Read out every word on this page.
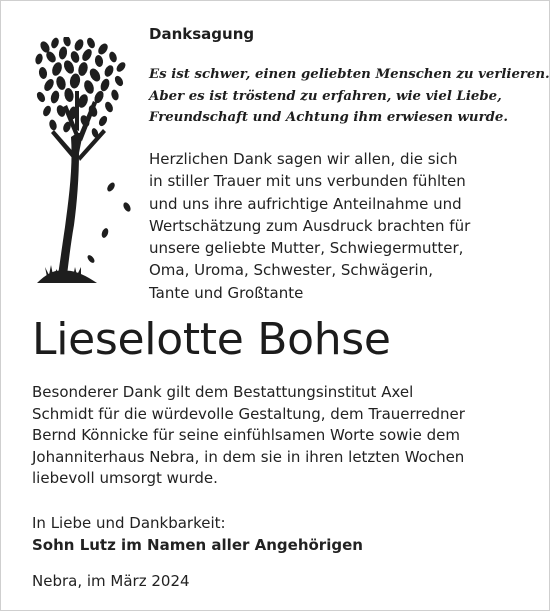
Danksagung
Es ist schwer, einen geliebten Menschen zu verlieren.
Aber es ist tröstend zu erfahren, wie viel Liebe,
Freundschaft und Achtung ihm erwiesen wurde.
Herzlichen Dank sagen wir allen, die sich
in stiller Trauer mit uns verbunden fühlten
und uns ihre aufrichtige Anteilnahme und
Wertschätzung zum Ausdruck brachten für
unsere geliebte Mutter, Schwiegermutter,
Oma, Uroma, Schwester, Schwägerin,
Tante und Großtante
Lieselotte Bohse
Besonderer Dank gilt dem Bestattungsinstitut Axel
Schmidt für die würdevolle Gestaltung, dem Trauerredner
Bernd Könnicke für seine einfühlsamen Worte sowie dem
Johanniterhaus Nebra, in dem sie in ihren letzten Wochen
liebevoll umsorgt wurde.
In Liebe und Dankbarkeit:
Sohn Lutz im Namen aller Angehörigen
Nebra, im März 2024
